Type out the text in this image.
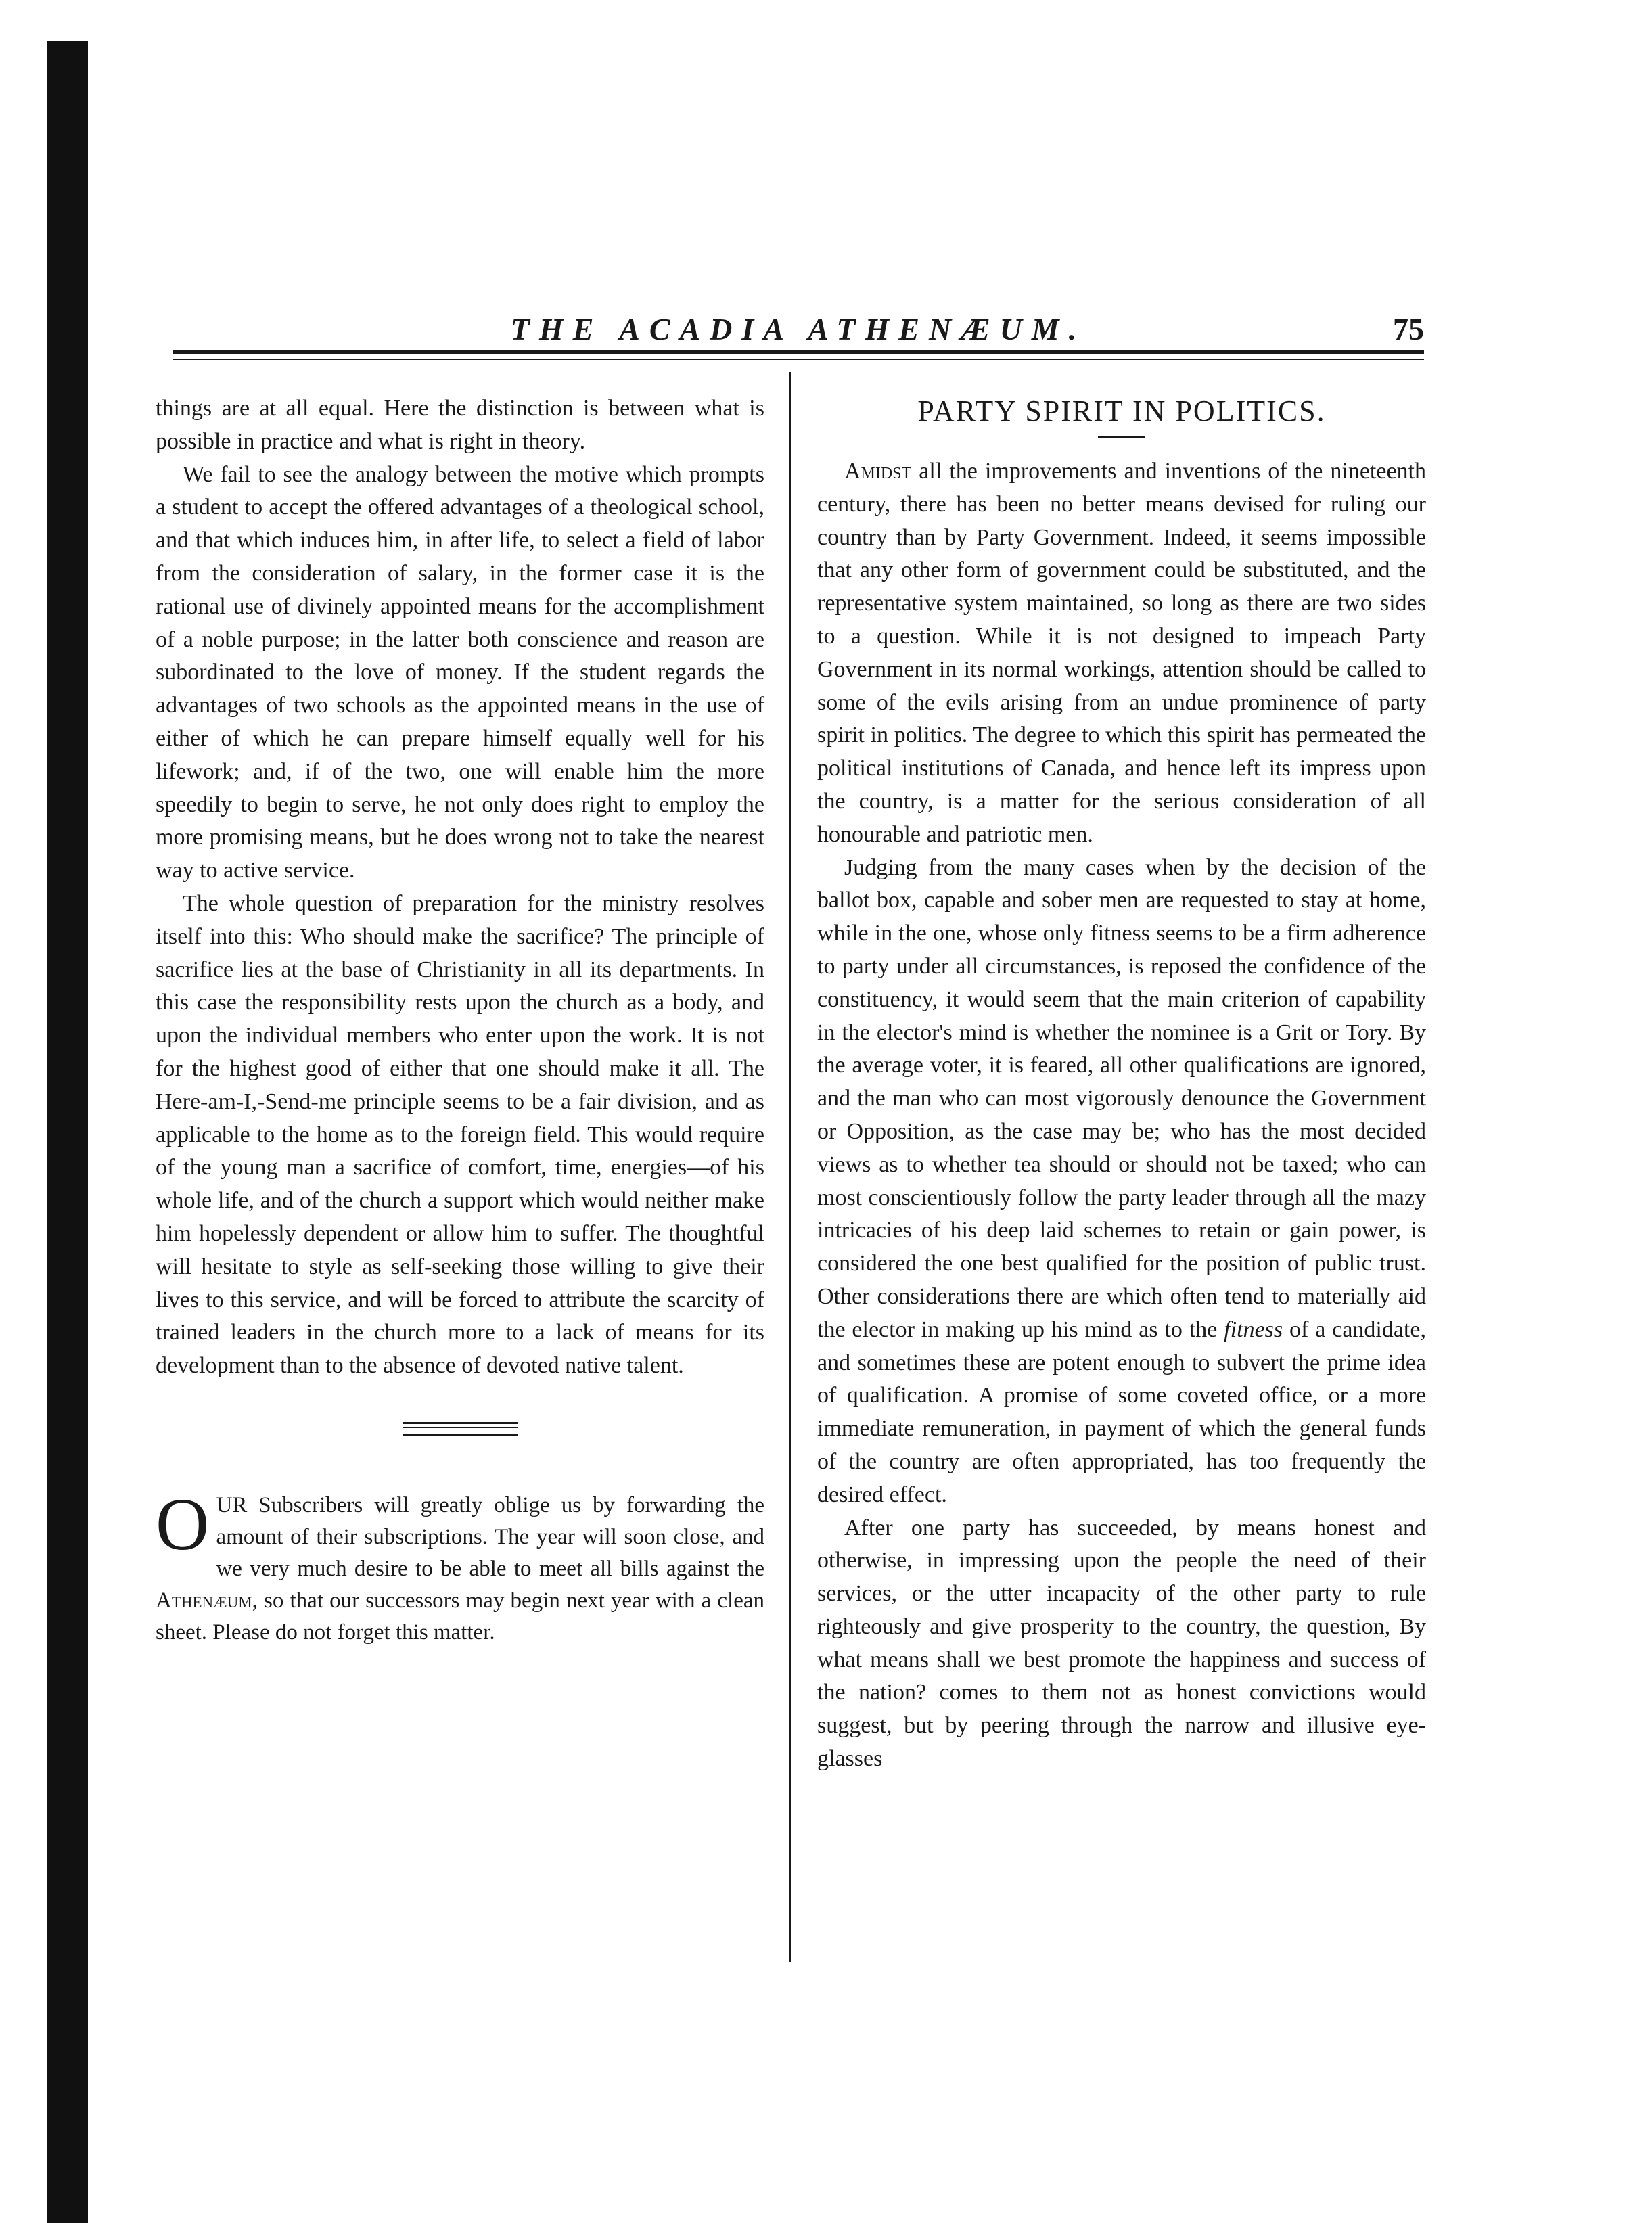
THE ACADIA ATHENÆUM.	75

things are at all equal. Here the distinction is between what is possible in practice and what is right in theory.

We fail to see the analogy between the motive which prompts a student to accept the offered advantages of a theological school, and that which induces him, in after life, to select a field of labor from the consideration of salary, in the former case it is the rational use of divinely appointed means for the accomplishment of a noble purpose; in the latter both conscience and reason are subordinated to the love of money. If the student regards the advantages of two schools as the appointed means in the use of either of which he can prepare himself equally well for his lifework; and, if of the two, one will enable him the more speedily to begin to serve, he not only does right to employ the more promising means, but he does wrong not to take the nearest way to active service.

The whole question of preparation for the ministry resolves itself into this: Who should make the sacrifice? The principle of sacrifice lies at the base of Christianity in all its departments. In this case the responsibility rests upon the church as a body, and upon the individual members who enter upon the work. It is not for the highest good of either that one should make it all. The Here-am-I,-Send-me principle seems to be a fair division, and as applicable to the home as to the foreign field. This would require of the young man a sacrifice of comfort, time, energies—of his whole life, and of the church a support which would neither make him hopelessly dependent or allow him to suffer. The thoughtful will hesitate to style as self-seeking those willing to give their lives to this service, and will be forced to attribute the scarcity of trained leaders in the church more to a lack of means for its development than to the absence of devoted native talent.

OUR Subscribers will greatly oblige us by forwarding the amount of their subscriptions. The year will soon close, and we very much desire to be able to meet all bills against the Athenæum, so that our successors may begin next year with a clean sheet. Please do not forget this matter.

PARTY SPIRIT IN POLITICS.

Amidst all the improvements and inventions of the nineteenth century, there has been no better means devised for ruling our country than by Party Government. Indeed, it seems impossible that any other form of government could be substituted, and the representative system maintained, so long as there are two sides to a question. While it is not designed to impeach Party Government in its normal workings, attention should be called to some of the evils arising from an undue prominence of party spirit in politics. The degree to which this spirit has permeated the political institutions of Canada, and hence left its impress upon the country, is a matter for the serious consideration of all honourable and patriotic men.

Judging from the many cases when by the decision of the ballot box, capable and sober men are requested to stay at home, while in the one, whose only fitness seems to be a firm adherence to party under all circumstances, is reposed the confidence of the constituency, it would seem that the main criterion of capability in the elector's mind is whether the nominee is a Grit or Tory. By the average voter, it is feared, all other qualifications are ignored, and the man who can most vigorously denounce the Government or Opposition, as the case may be; who has the most decided views as to whether tea should or should not be taxed; who can most conscientiously follow the party leader through all the mazy intricacies of his deep laid schemes to retain or gain power, is considered the one best qualified for the position of public trust. Other considerations there are which often tend to materially aid the elector in making up his mind as to the fitness of a candidate, and sometimes these are potent enough to subvert the prime idea of qualification. A promise of some coveted office, or a more immediate remuneration, in payment of which the general funds of the country are often appropriated, has too frequently the desired effect.

After one party has succeeded, by means honest and otherwise, in impressing upon the people the need of their services, or the utter incapacity of the other party to rule righteously and give prosperity to the country, the question, By what means shall we best promote the happiness and success of the nation? comes to them not as honest convictions would suggest, but by peering through the narrow and illusive eye-glasses
